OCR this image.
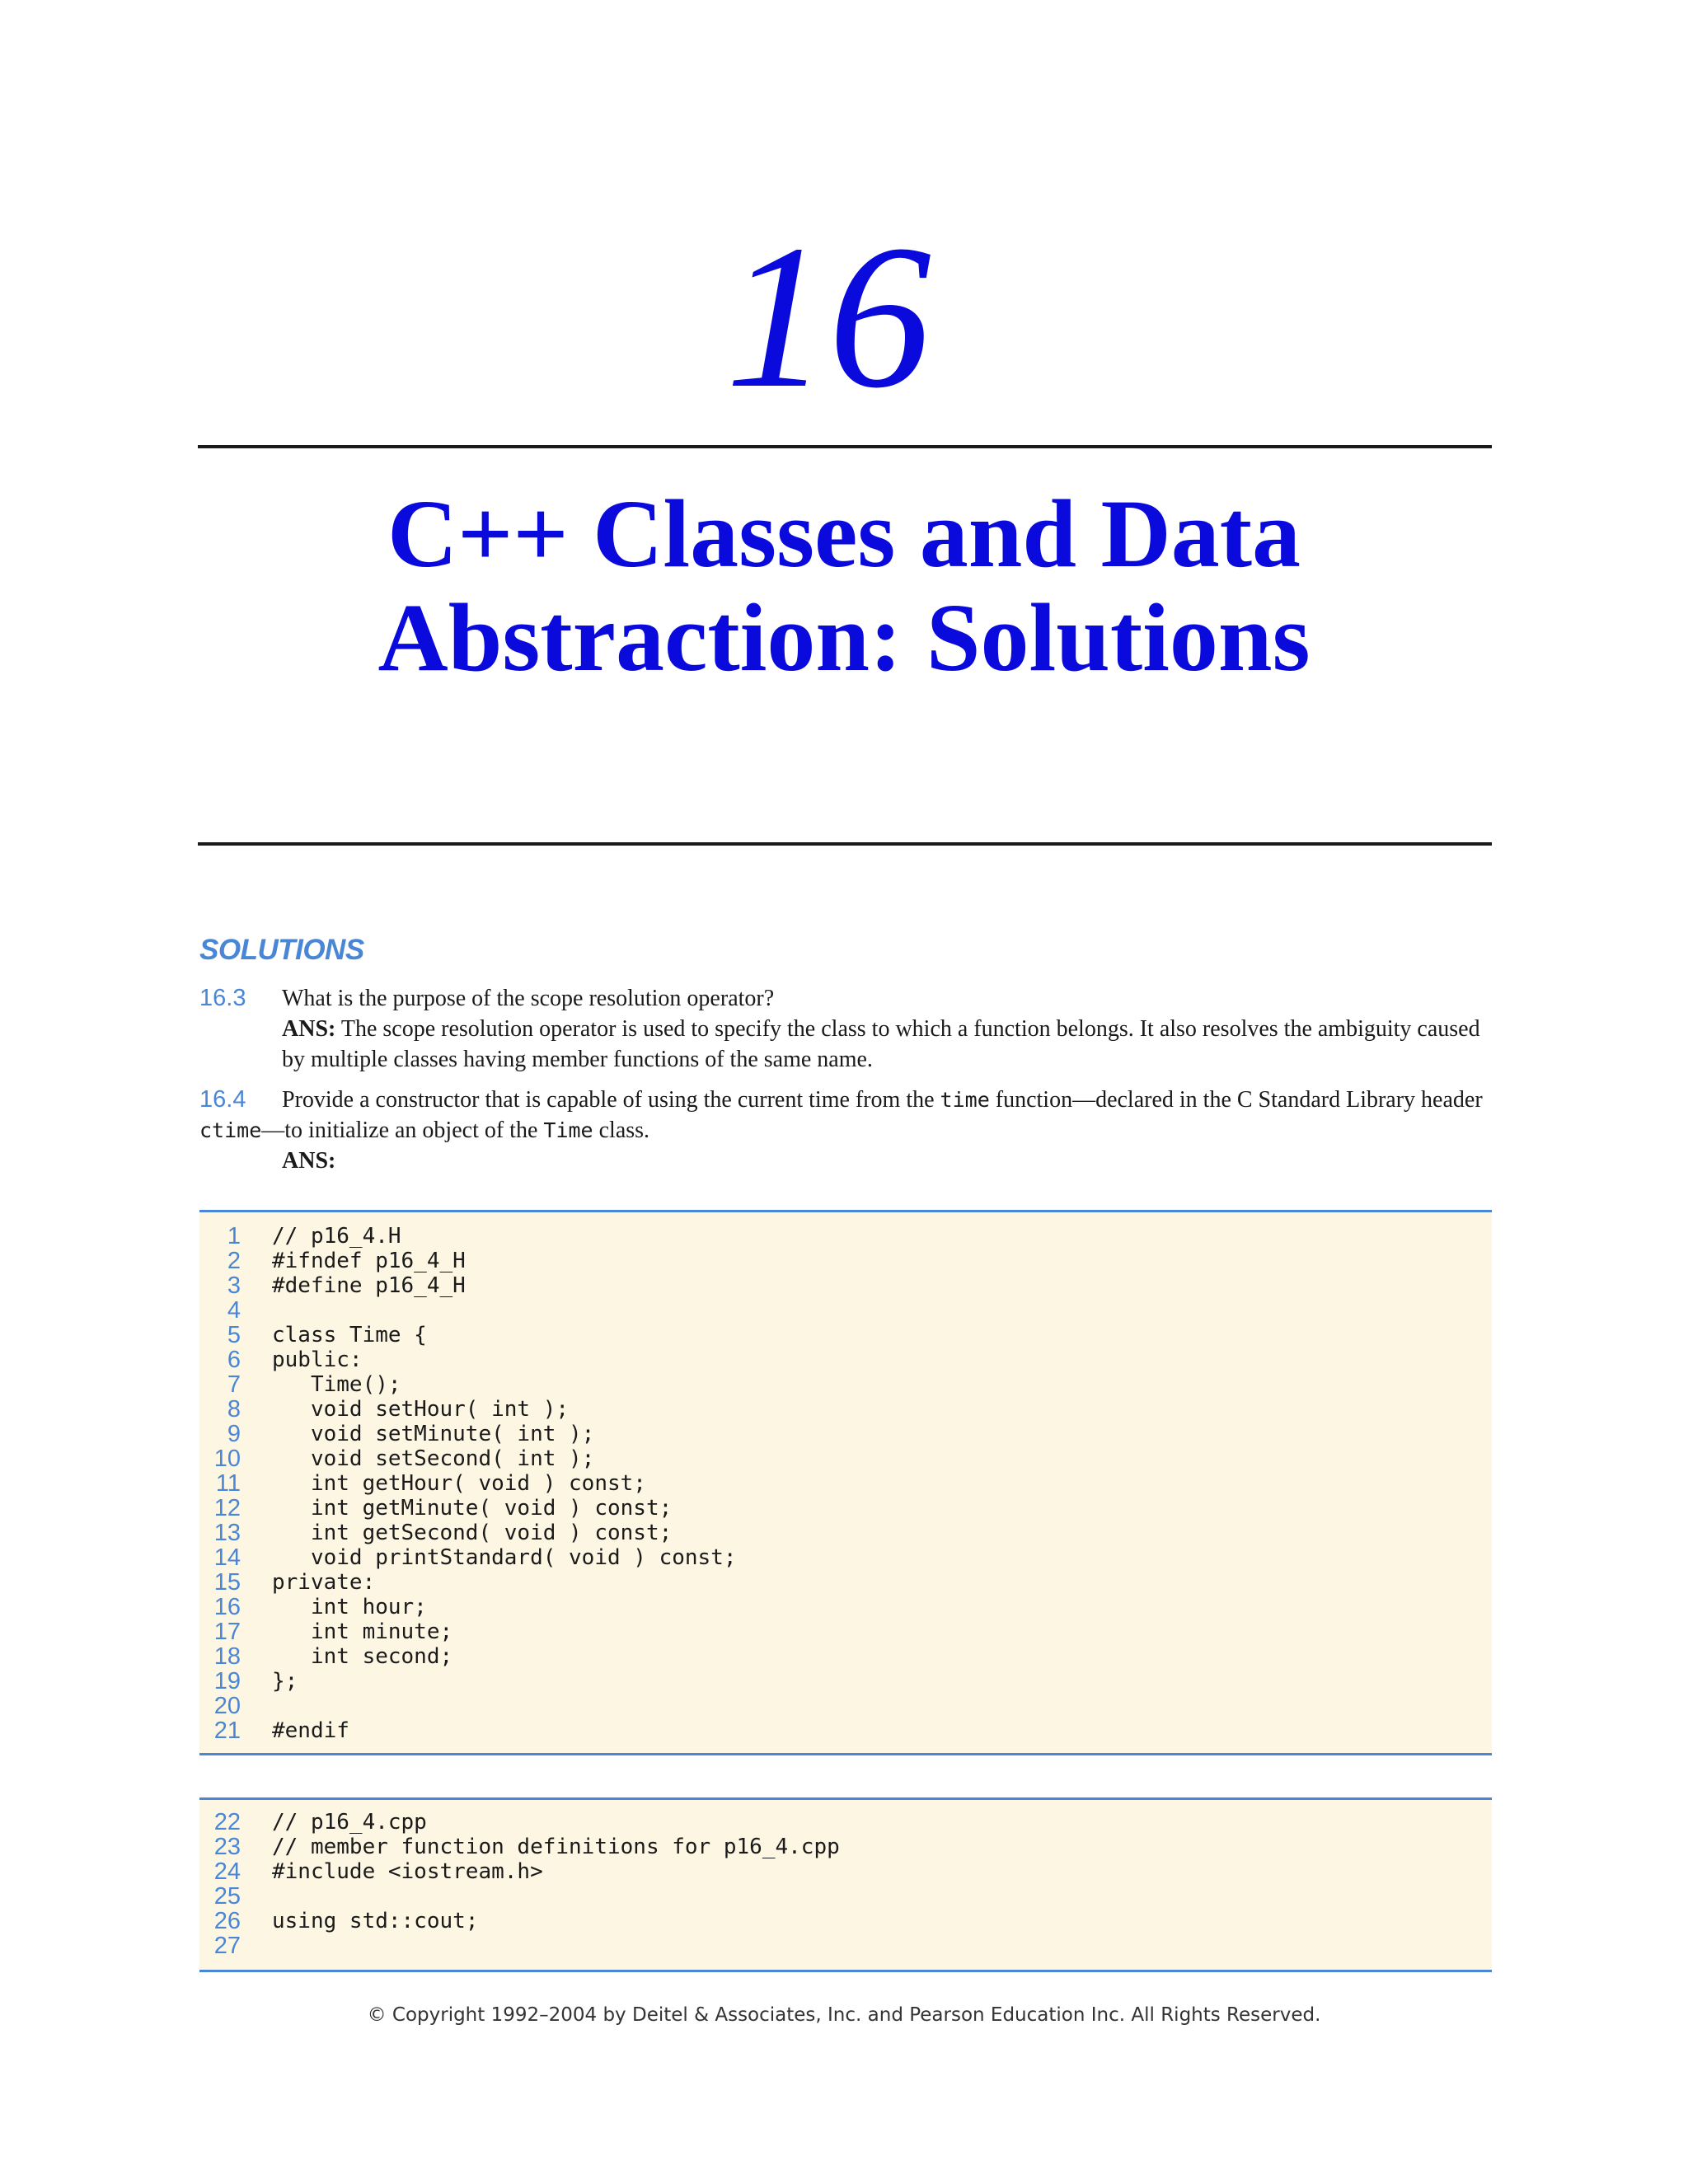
16
C++ Classes and Data
Abstraction: Solutions
SOLUTIONS
16.3	What is the purpose of the scope resolution operator?
ANS: The scope resolution operator is used to specify the class to which a function belongs. It also resolves the ambiguity caused by multiple classes having member functions of the same name.
16.4	Provide a constructor that is capable of using the current time from the time function—declared in the C Standard Library header ctime—to initialize an object of the Time class.
ANS:
1	// p16_4.H
2	#ifndef p16_4_H
3	#define p16_4_H
4
5	class Time {
6	public:
7	Time();
8	void setHour( int );
9	void setMinute( int );
10	void setSecond( int );
11	int getHour( void ) const;
12	int getMinute( void ) const;
13	int getSecond( void ) const;
14	void printStandard( void ) const;
15	private:
16	int hour;
17	int minute;
18	int second;
19	};
20
21	#endif
22	// p16_4.cpp
23	// member function definitions for p16_4.cpp
24	#include <iostream.h>
25
26	using std::cout;
27
© Copyright 1992–2004 by Deitel & Associates, Inc. and Pearson Education Inc. All Rights Reserved.
